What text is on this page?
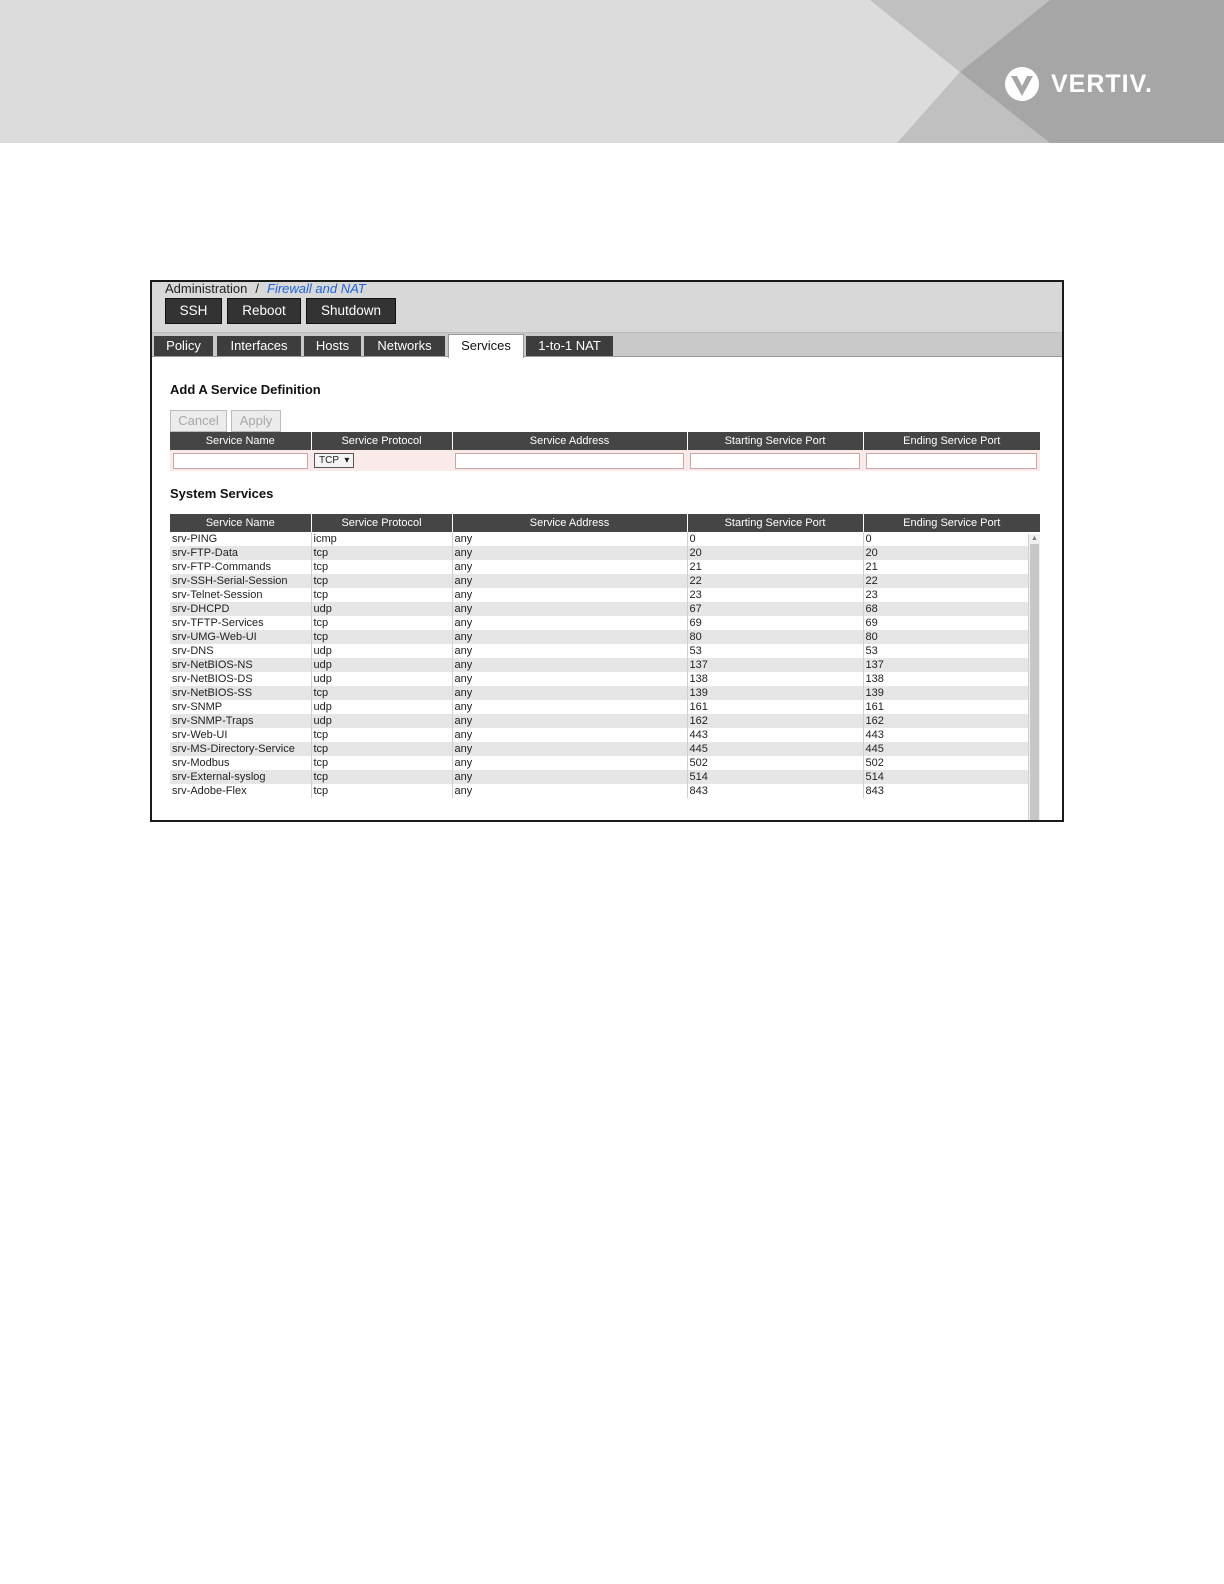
VERTIV.
Administration / Firewall and NAT
SSH	Reboot	Shutdown
Policy	Interfaces	Hosts	Networks	Services	1-to-1 NAT
Add A Service Definition
Cancel	Apply
Service Name	Service Protocol	Service Address	Starting Service Port	Ending Service Port
	TCP  ▾			
System Services
Service Name	Service Protocol	Service Address	Starting Service Port	Ending Service Port
srv-PING	icmp	any	0	0
srv-FTP-Data	tcp	any	20	20
srv-FTP-Commands	tcp	any	21	21
srv-SSH-Serial-Session	tcp	any	22	22
srv-Telnet-Session	tcp	any	23	23
srv-DHCPD	udp	any	67	68
srv-TFTP-Services	tcp	any	69	69
srv-UMG-Web-UI	tcp	any	80	80
srv-DNS	udp	any	53	53
srv-NetBIOS-NS	udp	any	137	137
srv-NetBIOS-DS	udp	any	138	138
srv-NetBIOS-SS	tcp	any	139	139
srv-SNMP	udp	any	161	161
srv-SNMP-Traps	udp	any	162	162
srv-Web-UI	tcp	any	443	443
srv-MS-Directory-Service	tcp	any	445	445
srv-Modbus	tcp	any	502	502
srv-External-syslog	tcp	any	514	514
srv-Adobe-Flex	tcp	any	843	843
▲
